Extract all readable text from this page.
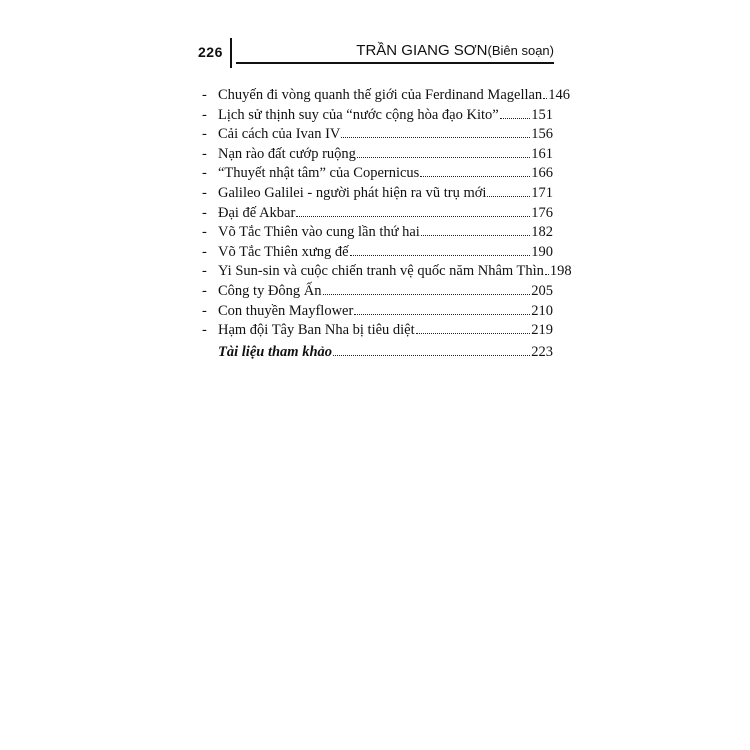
226	TRẦN GIANG SƠN(Biên soạn)
- Chuyến đi vòng quanh thế giới của Ferdinand Magellan 146
- Lịch sử thịnh suy của “nước cộng hòa đạo Kito” 151
- Cải cách của Ivan IV	156
- Nạn rào đất cướp ruộng	161
- “Thuyết nhật tâm” của Copernicus	166
- Galileo Galilei - người phát hiện ra vũ trụ mới	171
- Đại đế Akbar	176
- Võ Tắc Thiên vào cung lần thứ hai	182
- Võ Tắc Thiên xưng đế	190
- Yi Sun-sin và cuộc chiến tranh vệ quốc năm Nhâm Thìn 198
- Công ty Đông Ấn	205
- Con thuyền Mayflower	210
- Hạm đội Tây Ban Nha bị tiêu diệt	219
Tài liệu tham khảo	223
